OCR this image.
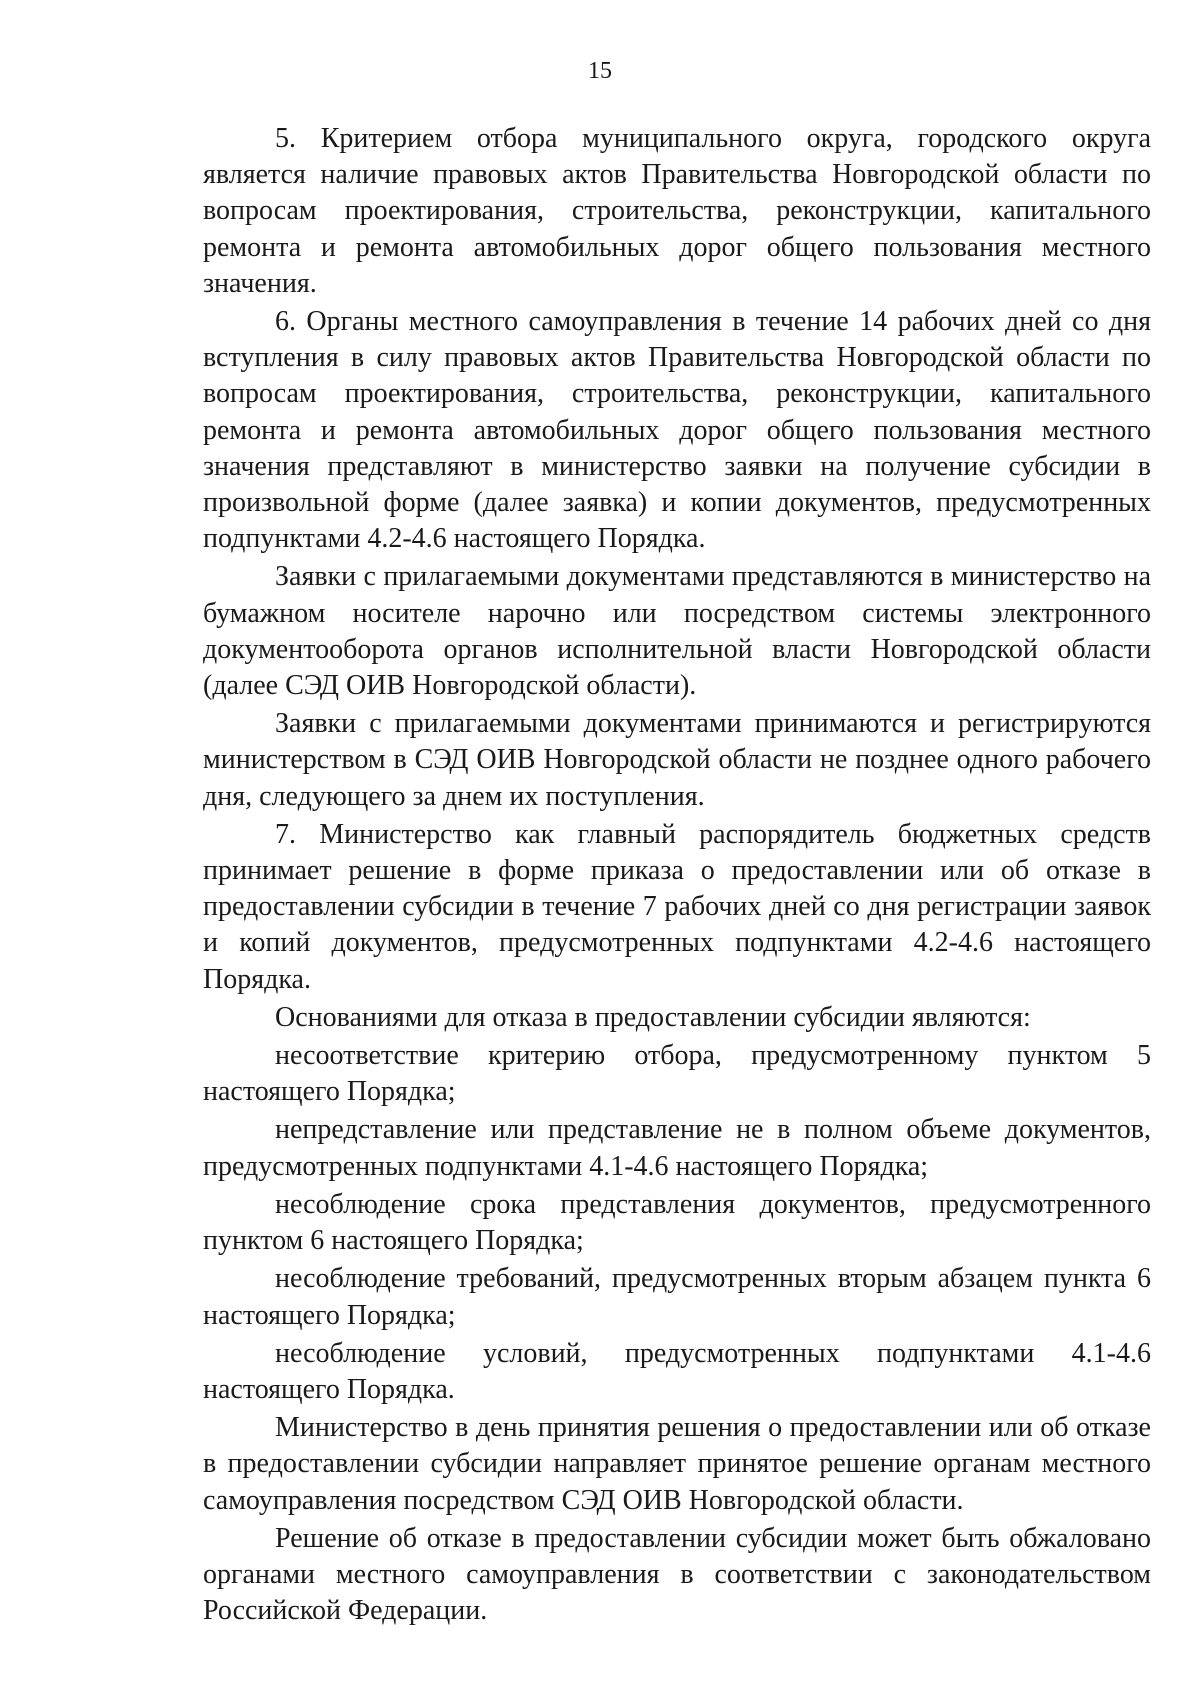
15

5. Критерием отбора муниципального округа, городского округа является наличие правовых актов Правительства Новгородской области по вопросам проектирования, строительства, реконструкции, капитального ремонта и ремонта автомобильных дорог общего пользования местного значения.

6. Органы местного самоуправления в течение 14 рабочих дней со дня вступления в силу правовых актов Правительства Новгородской области по вопросам проектирования, строительства, реконструкции, капитального ремонта и ремонта автомобильных дорог общего пользования местного значения представляют в министерство заявки на получение субсидии в произвольной форме (далее заявка) и копии документов, предусмотренных подпунктами 4.2-4.6 настоящего Порядка.

Заявки с прилагаемыми документами представляются в министерство на бумажном носителе нарочно или посредством системы электронного документооборота органов исполнительной власти Новгородской области (далее СЭД ОИВ Новгородской области).

Заявки с прилагаемыми документами принимаются и регистрируются министерством в СЭД ОИВ Новгородской области не позднее одного рабочего дня, следующего за днем их поступления.

7. Министерство как главный распорядитель бюджетных средств принимает решение в форме приказа о предоставлении или об отказе в предоставлении субсидии в течение 7 рабочих дней со дня регистрации заявок и копий документов, предусмотренных подпунктами 4.2-4.6 настоящего Порядка.

Основаниями для отказа в предоставлении субсидии являются:

несоответствие критерию отбора, предусмотренному пунктом 5 настоящего Порядка;

непредставление или представление не в полном объеме документов, предусмотренных подпунктами 4.1-4.6 настоящего Порядка;

несоблюдение срока представления документов, предусмотренного пунктом 6 настоящего Порядка;

несоблюдение требований, предусмотренных вторым абзацем пункта 6 настоящего Порядка;

несоблюдение условий, предусмотренных подпунктами 4.1-4.6 настоящего Порядка.

Министерство в день принятия решения о предоставлении или об отказе в предоставлении субсидии направляет принятое решение органам местного самоуправления посредством СЭД ОИВ Новгородской области.

Решение об отказе в предоставлении субсидии может быть обжаловано органами местного самоуправления в соответствии с законодательством Российской Федерации.
